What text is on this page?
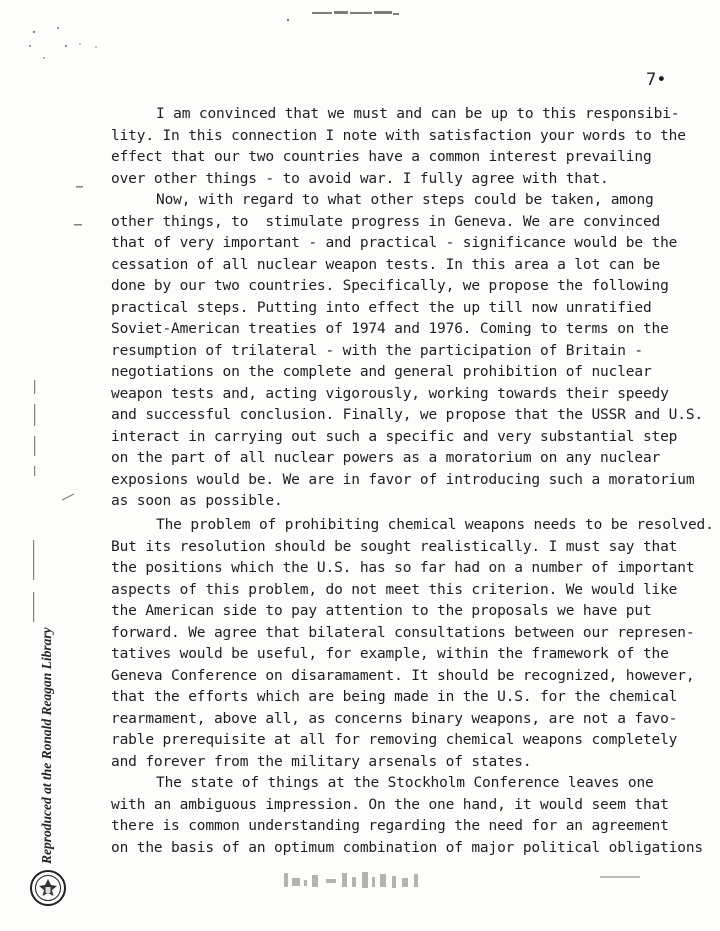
7•
I am convinced that we must and can be up to this responsibi-
lity. In this connection I note with satisfaction your words to the
effect that our two countries have a common interest prevailing
over other things - to avoid war. I fully agree with that.
Now, with regard to what other steps could be taken, among
other things, to  stimulate progress in Geneva. We are convinced
that of very important - and practical - significance would be the
cessation of all nuclear weapon tests. In this area a lot can be
done by our two countries. Specifically, we propose the following
practical steps. Putting into effect the up till now unratified
Soviet-American treaties of 1974 and 1976. Coming to terms on the
resumption of trilateral - with the participation of Britain -
negotiations on the complete and general prohibition of nuclear
weapon tests and, acting vigorously, working towards their speedy
and successful conclusion. Finally, we propose that the USSR and U.S.
interact in carrying out such a specific and very substantial step
on the part of all nuclear powers as a moratorium on any nuclear
exposions would be. We are in favor of introducing such a moratorium
as soon as possible.
The problem of prohibiting chemical weapons needs to be resolved.
But its resolution should be sought realistically. I must say that
the positions which the U.S. has so far had on a number of important
aspects of this problem, do not meet this criterion. We would like
the American side to pay attention to the proposals we have put
forward. We agree that bilateral consultations between our represen-
tatives would be useful, for example, within the framework of the
Geneva Conference on disaramament. It should be recognized, however,
that the efforts which are being made in the U.S. for the chemical
rearmament, above all, as concerns binary weapons, are not a favo-
rable prerequisite at all for removing chemical weapons completely
and forever from the military arsenals of states.
The state of things at the Stockholm Conference leaves one
with an ambiguous impression. On the one hand, it would seem that
there is common understanding regarding the need for an agreement
on the basis of an optimum combination of major political obligations
Reproduced at the Ronald Reagan Library
